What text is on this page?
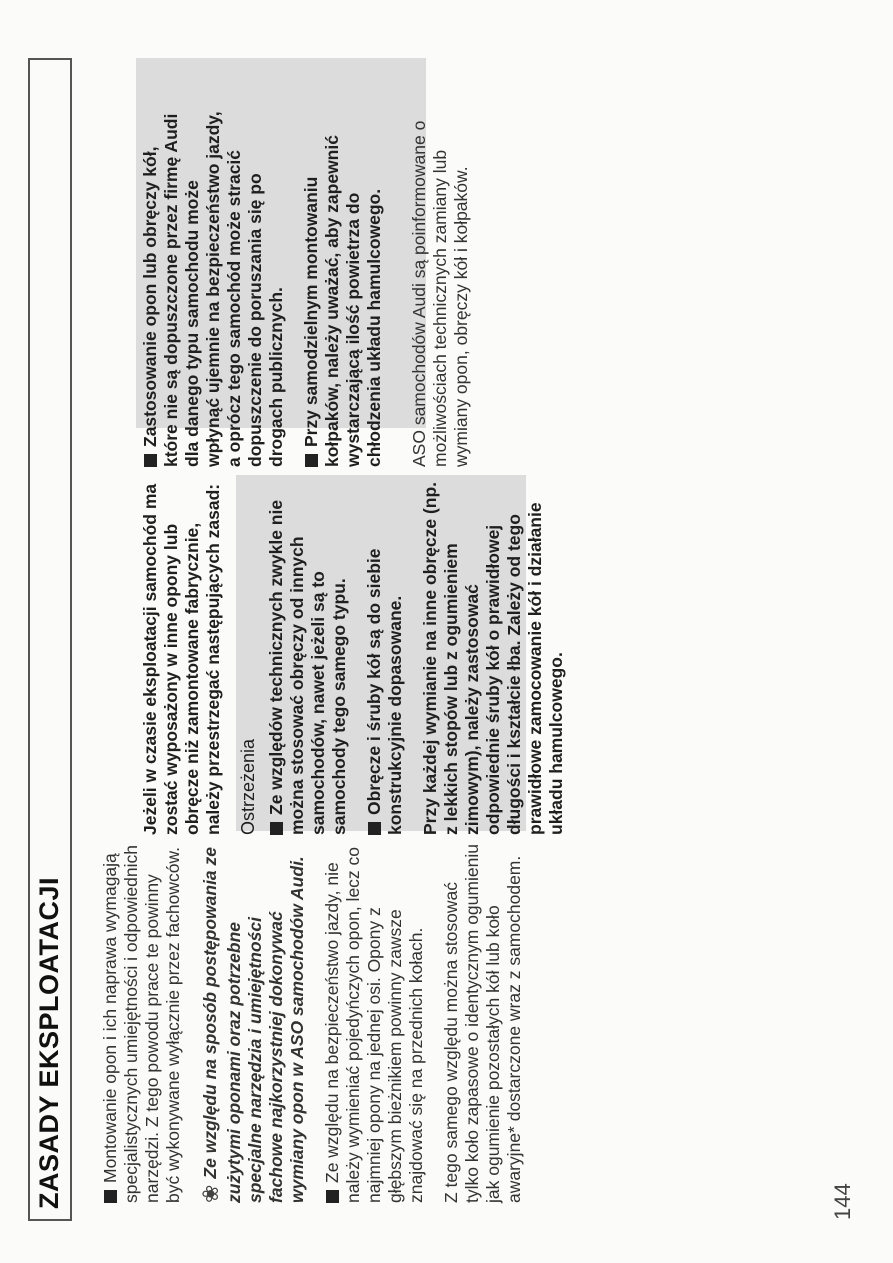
ZASADY EKSPLOATACJI Montowanie opon i ich naprawa wymagają specjalistycznych umiejętności i odpowiednich narzędzi. Z tego powodu prace te powinny być wykonywane wyłącznie przez fachowców. ❀Ze względu na sposób postępowania ze zużytymi oponami oraz potrzebne specjalne narzędzia i umiejętności fachowe najkorzystniej dokonywać wymiany opon w ASO samochodów Audi. Ze względu na bezpieczeństwo jazdy, nie należy wymieniać pojedyńczych opon, lecz co najmniej opony na jednej osi. Opony z głębszym bieżnikiem powinny zawsze znajdować się na przednich kołach. Z tego samego względu można stosować tylko koło zapasowe o identycznym ogumieniu jak ogumienie pozostałych kół lub koło awaryjne* dostarczone wraz z samochodem.

Jeżeli w czasie eksploatacji samochód ma zostać wyposażony w inne opony lub obręcze niż zamontowane fabrycznie, należy przestrzegać następujących zasad: Ostrzeżenia Ze względów technicznych zwykle nie można stosować obręczy od innych samochodów, nawet jeżeli są to samochody tego samego typu. Obręcze i śruby kół są do siebie konstrukcyjnie dopasowane. Przy każdej wymianie na inne obręcze (np. z lekkich stopów lub z ogumieniem zimowym), należy zastosować odpowiednie śruby kół o prawidłowej długości i kształcie łba. Zależy od tego prawidłowe zamocowanie kół i działanie układu hamulcowego.

Zastosowanie opon lub obręczy kół, które nie są dopuszczone przez firmę Audi dla danego typu samochodu może wpłynąć ujemnie na bezpieczeństwo jazdy, a oprócz tego samochód może stracić dopuszczenie do poruszania się po drogach publicznych. Przy samodzielnym montowaniu kołpaków, należy uważać, aby zapewnić wystarczającą ilość powietrza do chłodzenia układu hamulcowego. ASO samochodów Audi są poinformowane o możliwościach technicznych zamiany lub wymiany opon, obręczy kół i kołpaków.

144
